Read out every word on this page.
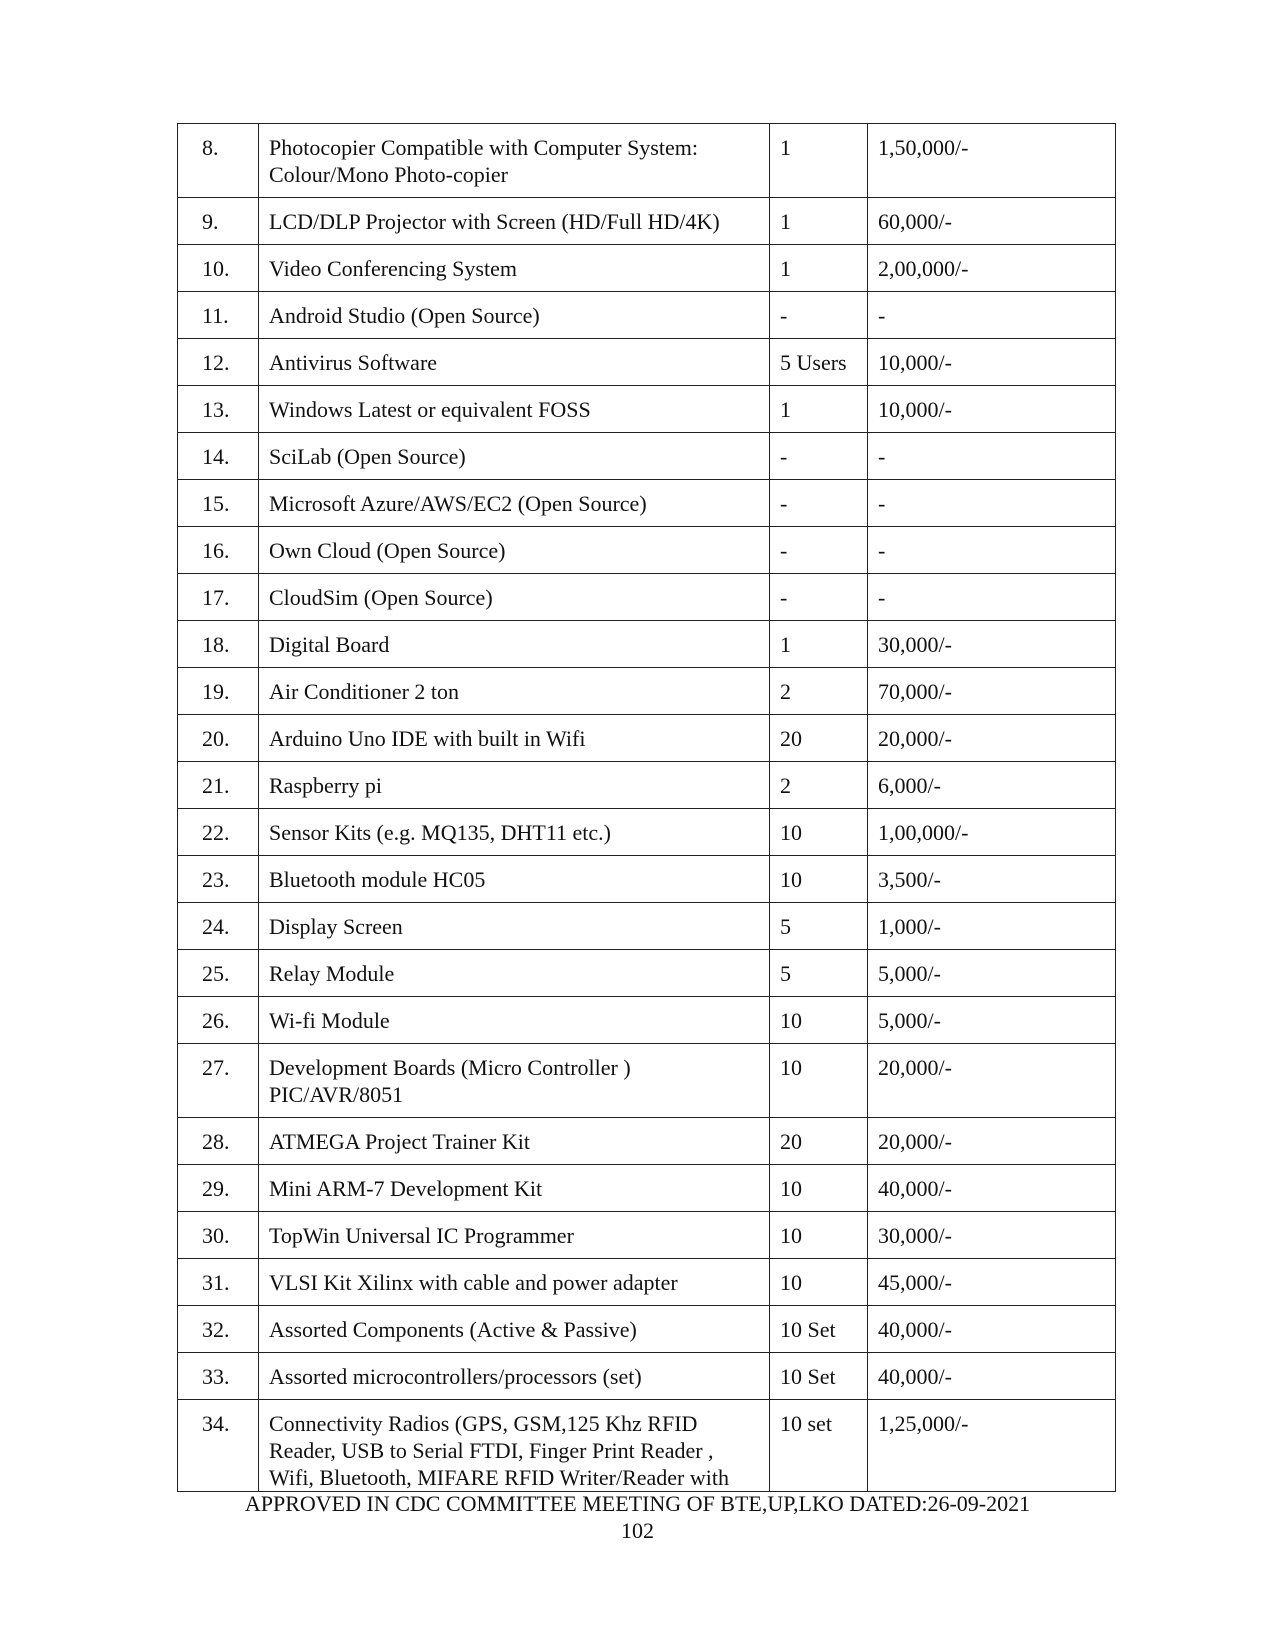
8.	Photocopier Compatible with Computer System:
Colour/Mono Photo-copier	1	1,50,000/-
9.	LCD/DLP Projector with Screen (HD/Full HD/4K)	1	60,000/-
10.	Video Conferencing System	1	2,00,000/-
11.	Android Studio (Open Source)	-	-
12.	Antivirus Software	5 Users	10,000/-
13.	Windows Latest or equivalent FOSS	1	10,000/-
14.	SciLab (Open Source)	-	-
15.	Microsoft Azure/AWS/EC2 (Open Source)	-	-
16.	Own Cloud (Open Source)	-	-
17.	CloudSim (Open Source)	-	-
18.	Digital Board	1	30,000/-
19.	Air Conditioner 2 ton	2	70,000/-
20.	Arduino Uno IDE with built in Wifi	20	20,000/-
21.	Raspberry pi	2	6,000/-
22.	Sensor Kits (e.g. MQ135, DHT11 etc.)	10	1,00,000/-
23.	Bluetooth module HC05	10	3,500/-
24.	Display Screen	5	1,000/-
25.	Relay Module	5	5,000/-
26.	Wi-fi Module	10	5,000/-
27.	Development Boards (Micro Controller )
PIC/AVR/8051	10	20,000/-
28.	ATMEGA Project Trainer Kit	20	20,000/-
29.	Mini ARM-7 Development Kit	10	40,000/-
30.	TopWin Universal IC Programmer	10	30,000/-
31.	VLSI Kit Xilinx with cable and power adapter	10	45,000/-
32.	Assorted Components (Active & Passive)	10 Set	40,000/-
33.	Assorted microcontrollers/processors (set)	10 Set	40,000/-
34.	Connectivity Radios (GPS, GSM,125 Khz RFID
Reader, USB to Serial FTDI, Finger Print Reader ,
Wifi, Bluetooth, MIFARE RFID Writer/Reader with	10 set	1,25,000/-
APPROVED IN CDC COMMITTEE MEETING OF BTE,UP,LKO DATED:26-09-2021
102
